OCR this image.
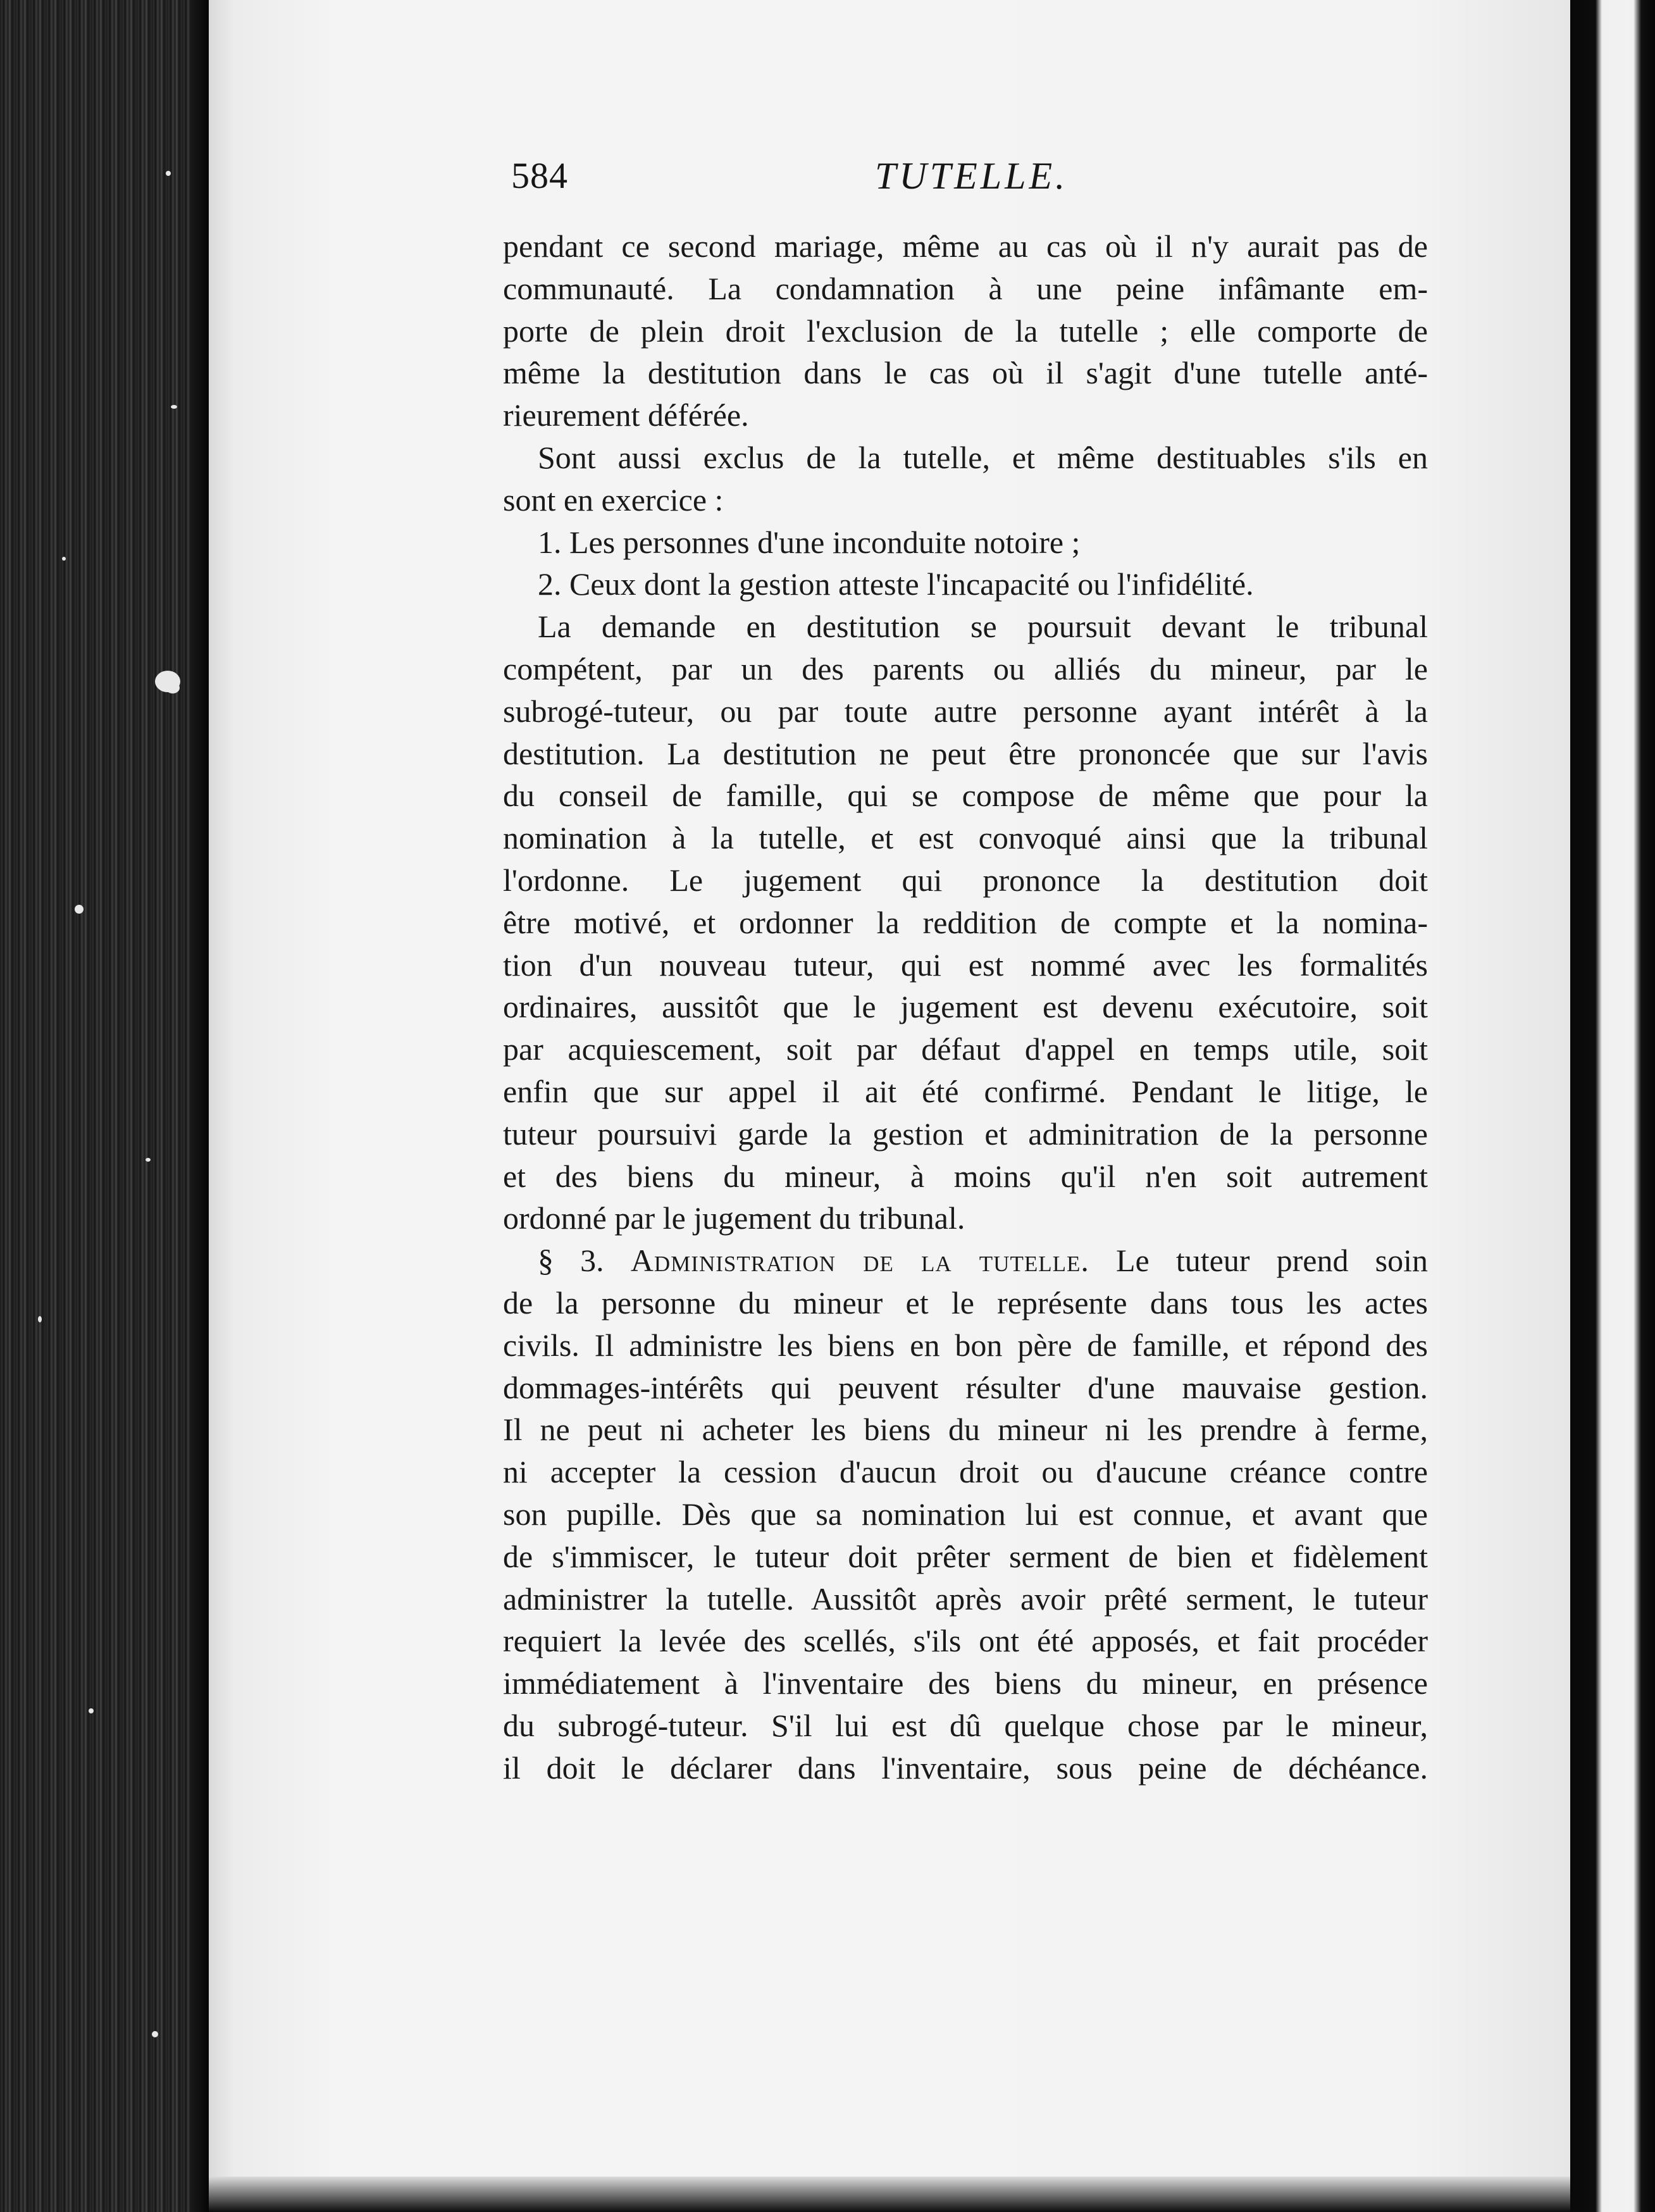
584	TUTELLE.

pendant ce second mariage, même au cas où il n'y aurait pas de
communauté. La condamnation à une peine infâmante em-
porte de plein droit l'exclusion de la tutelle ; elle comporte de
même la destitution dans le cas où il s'agit d'une tutelle anté-
rieurement déférée.

Sont aussi exclus de la tutelle, et même destituables s'ils en
sont en exercice :

1. Les personnes d'une inconduite notoire ;

2. Ceux dont la gestion atteste l'incapacité ou l'infidélité.

La demande en destitution se poursuit devant le tribunal
compétent, par un des parents ou alliés du mineur, par le
subrogé-tuteur, ou par toute autre personne ayant intérêt à la
destitution. La destitution ne peut être prononcée que sur l'avis
du conseil de famille, qui se compose de même que pour la
nomination à la tutelle, et est convoqué ainsi que la tribunal
l'ordonne. Le jugement qui prononce la destitution doit
être motivé, et ordonner la reddition de compte et la nomina-
tion d'un nouveau tuteur, qui est nommé avec les formalités
ordinaires, aussitôt que le jugement est devenu exécutoire, soit
par acquiescement, soit par défaut d'appel en temps utile, soit
enfin que sur appel il ait été confirmé. Pendant le litige, le
tuteur poursuivi garde la gestion et adminitration de la personne
et des biens du mineur, à moins qu'il n'en soit autrement
ordonné par le jugement du tribunal.

§ 3. Administration de la tutelle. Le tuteur prend soin
de la personne du mineur et le représente dans tous les actes
civils. Il administre les biens en bon père de famille, et répond des
dommages-intérêts qui peuvent résulter d'une mauvaise gestion.
Il ne peut ni acheter les biens du mineur ni les prendre à ferme,
ni accepter la cession d'aucun droit ou d'aucune créance contre
son pupille. Dès que sa nomination lui est connue, et avant que
de s'immiscer, le tuteur doit prêter serment de bien et fidèlement
administrer la tutelle. Aussitôt après avoir prêté serment, le tuteur
requiert la levée des scellés, s'ils ont été apposés, et fait procéder
immédiatement à l'inventaire des biens du mineur, en présence
du subrogé-tuteur. S'il lui est dû quelque chose par le mineur,
il doit le déclarer dans l'inventaire, sous peine de déchéance.
